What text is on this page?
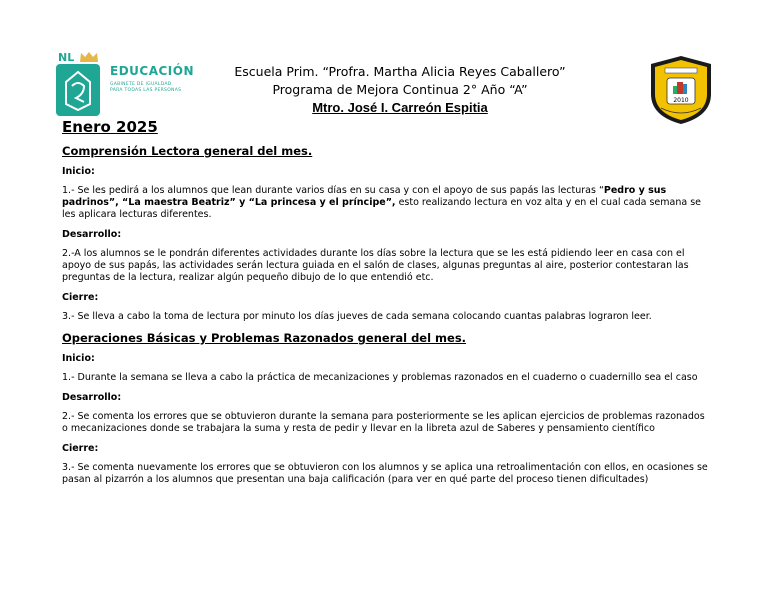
NL
EDUCACIÓN
GABINETE DE IGUALDAD
PARA TODAS LAS PERSONAS
Escuela Prim. “Profra. Martha Alicia Reyes Caballero”
Programa de Mejora Continua 2° Año “A”
Mtro. José I. Carreón Espitia	2010
Enero 2025
Comprensión Lectora general del mes.
Inicio:
1.- Se les pedirá a los alumnos que lean durante varios días en su casa y con el apoyo de sus papás las lecturas “Pedro y sus padrinos”, “La maestra Beatriz” y “La princesa y el príncipe”, esto realizando lectura en voz alta y en el cual cada semana se les aplicara lecturas diferentes.
Desarrollo:
2.-A los alumnos se le pondrán diferentes actividades durante los días sobre la lectura que se les está pidiendo leer en casa con el apoyo de sus papás, las actividades serán lectura guiada en el salón de clases, algunas preguntas al aire, posterior contestaran las preguntas de la lectura, realizar algún pequeño dibujo de lo que entendió etc.
Cierre:
3.- Se lleva a cabo la toma de lectura por minuto los días jueves de cada semana colocando cuantas palabras lograron leer.
Operaciones Básicas y Problemas Razonados general del mes.
Inicio:
1.- Durante la semana se lleva a cabo la práctica de mecanizaciones y problemas razonados en el cuaderno o cuadernillo sea el caso
Desarrollo:
2.- Se comenta los errores que se obtuvieron durante la semana para posteriormente se les aplican ejercicios de problemas razonados o mecanizaciones donde se trabajara la suma y resta de pedir y llevar en la libreta azul de Saberes y pensamiento científico
Cierre:
3.- Se comenta nuevamente los errores que se obtuvieron con los alumnos y se aplica una retroalimentación con ellos, en ocasiones se pasan al pizarrón a los alumnos que presentan una baja calificación (para ver en qué parte del proceso tienen dificultades)
